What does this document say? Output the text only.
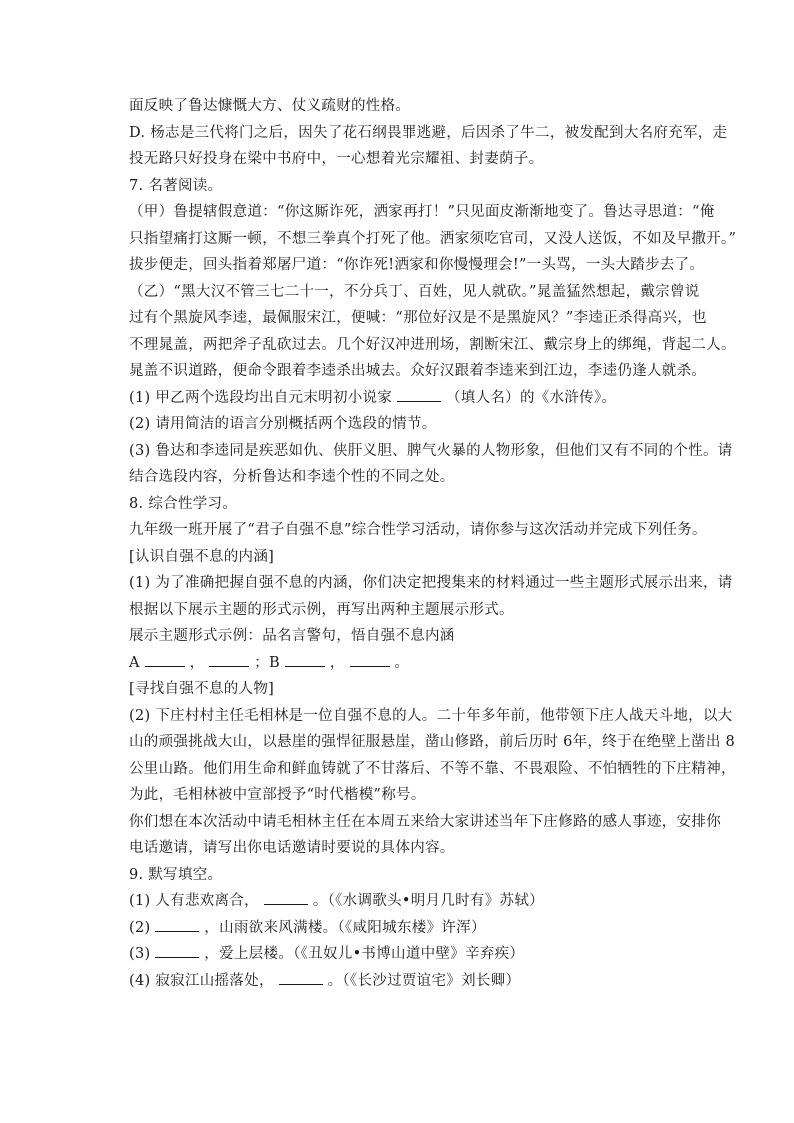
面反映了鲁达慷慨大方、仗义疏财的性格。
D. 杨志是三代将门之后，因失了花石纲畏罪逃避，后因杀了牛二，被发配到大名府充军，走
投无路只好投身在梁中书府中，一心想着光宗耀祖、封妻荫子。
7. 名著阅读。
（甲）鲁提辖假意道：“你这厮诈死，洒家再打！”只见面皮渐渐地变了。鲁达寻思道：“俺
只指望痛打这厮一顿，不想三拳真个打死了他。洒家须吃官司，又没人送饭，不如及早撒开。”
拔步便走，回头指着郑屠尸道：“你诈死!洒家和你慢慢理会!”一头骂，一头大踏步去了。
（乙）“黑大汉不管三七二十一，不分兵丁、百姓，见人就砍。”晁盖猛然想起，戴宗曾说
过有个黑旋风李逵，最佩服宋江，便喊：“那位好汉是不是黑旋风？”李逵正杀得高兴，也
不理晁盖，两把斧子乱砍过去。几个好汉冲进刑场，割断宋江、戴宗身上的绑绳，背起二人。
晁盖不识道路，便命令跟着李逵杀出城去。众好汉跟着李逵来到江边，李逵仍逢人就杀。
(1) 甲乙两个选段均出自元末明初小说家	（填人名）的《水浒传》。
(2) 请用简洁的语言分别概括两个选段的情节。
(3) 鲁达和李逵同是疾恶如仇、侠肝义胆、脾气火暴的人物形象，但他们又有不同的个性。请
结合选段内容，分析鲁达和李逵个性的不同之处。
8. 综合性学习。
九年级一班开展了“君子自强不息”综合性学习活动，请你参与这次活动并完成下列任务。
[认识自强不息的内涵]
(1) 为了准确把握自强不息的内涵，你们决定把搜集来的材料通过一些主题形式展示出来，请
根据以下展示主题的形式示例，再写出两种主题展示形式。
展示主题形式示例：品名言警句，悟自强不息内涵
A	，	；B	，	。
[寻找自强不息的人物]
(2) 下庄村村主任毛相林是一位自强不息的人。二十年多年前，他带领下庄人战天斗地，以大
山的顽强挑战大山，以悬崖的强悍征服悬崖，凿山修路，前后历时 6年，终于在绝壁上凿出 8
公里山路。他们用生命和鲜血铸就了不甘落后、不等不靠、不畏艰险、不怕牺牲的下庄精神，
为此，毛相林被中宣部授予“时代楷模”称号。
你们想在本次活动中请毛相林主任在本周五来给大家讲述当年下庄修路的感人事迹，安排你
电话邀请，请写出你电话邀请时要说的具体内容。
9. 默写填空。
(1) 人有悲欢离合，	。（《水调歌头•明月几时有》苏轼）
(2)	，山雨欲来风满楼。（《咸阳城东楼》许浑）
(3)	，爱上层楼。（《丑奴儿•书博山道中壁》辛弃疾）
(4) 寂寂江山摇落处，	。（《长沙过贾谊宅》刘长卿）
